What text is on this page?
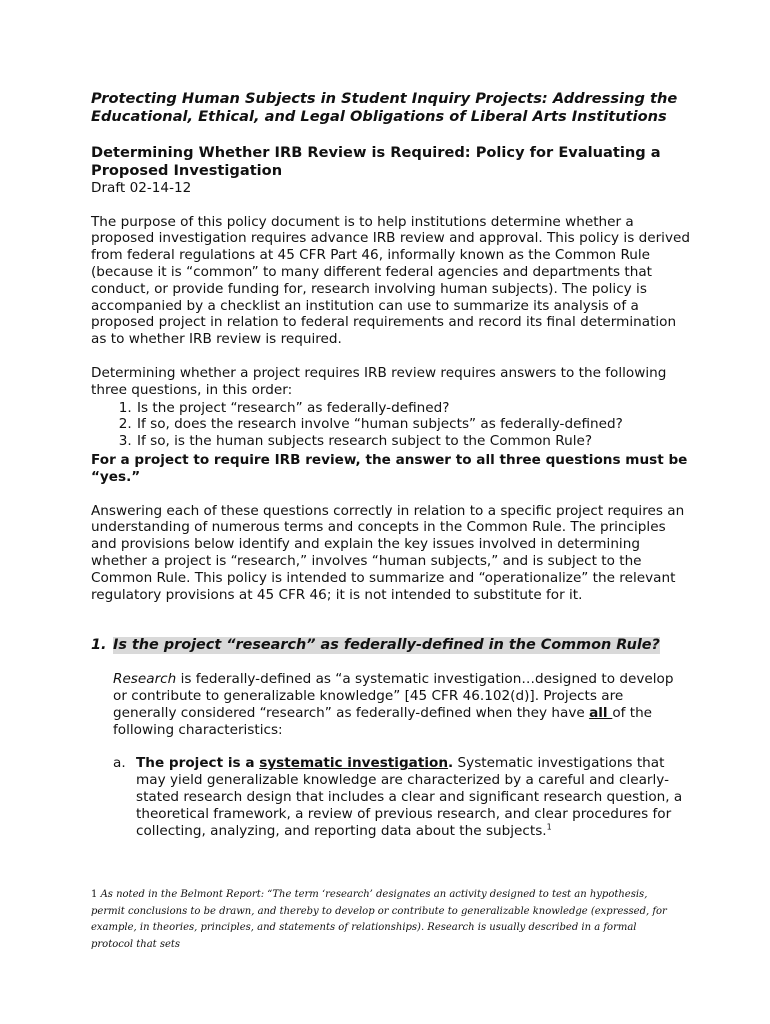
Protecting Human Subjects in Student Inquiry Projects: Addressing the Educational, Ethical, and Legal Obligations of Liberal Arts Institutions
Determining Whether IRB Review is Required: Policy for Evaluating a Proposed Investigation

Draft 02-14-12

The purpose of this policy document is to help institutions determine whether a proposed investigation requires advance IRB review and approval. This policy is derived from federal regulations at 45 CFR Part 46, informally known as the Common Rule (because it is “common” to many different federal agencies and departments that conduct, or provide funding for, research involving human subjects). The policy is accompanied by a checklist an institution can use to summarize its analysis of a proposed project in relation to federal requirements and record its final determination as to whether IRB review is required.

Determining whether a project requires IRB review requires answers to the following three questions, in this order:

1. Is the project “research” as federally-defined?
2. If so, does the research involve “human subjects” as federally-defined?
3. If so, is the human subjects research subject to the Common Rule?

For a project to require IRB review, the answer to all three questions must be “yes.”

Answering each of these questions correctly in relation to a specific project requires an understanding of numerous terms and concepts in the Common Rule. The principles and provisions below identify and explain the key issues involved in determining whether a project is “research,” involves “human subjects,” and is subject to the Common Rule. This policy is intended to summarize and “operationalize” the relevant regulatory provisions at 45 CFR 46; it is not intended to substitute for it.

1. Is the project “research” as federally-defined in the Common Rule?

Research is federally-defined as “a systematic investigation…designed to develop or contribute to generalizable knowledge” [45 CFR 46.102(d)]. Projects are generally considered “research” as federally-defined when they have all of the following characteristics:

a. The project is a systematic investigation. Systematic investigations that may yield generalizable knowledge are characterized by a careful and clearly-stated research design that includes a clear and significant research question, a theoretical framework, a review of previous research, and clear procedures for collecting, analyzing, and reporting data about the subjects.$^1$
1 As noted in the Belmont Report: “The term ‘research’ designates an activity designed to test an hypothesis, permit conclusions to be drawn, and thereby to develop or contribute to generalizable knowledge (expressed, for example, in theories, principles, and statements of relationships). Research is usually described in a formal protocol that sets
